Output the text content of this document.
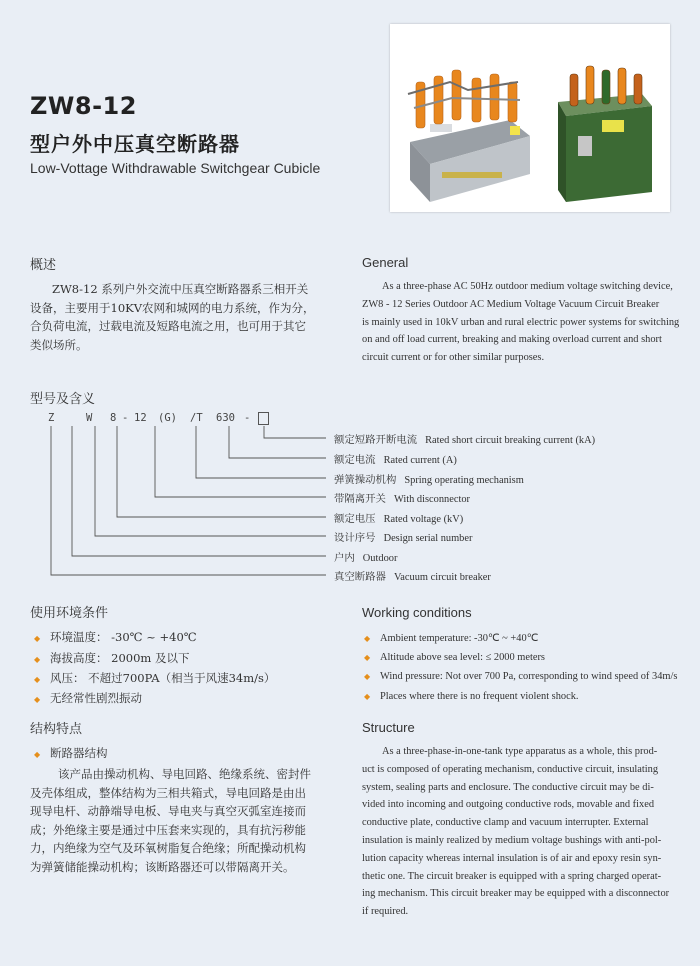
ZW8-12
型户外中压真空断路器
Low-Vottage Withdrawable Switchgear Cubicle
概述	General
ZW8-12 系列户外交流中压真空断路器系三相开关
设备，主要用于10KV农网和城网的电力系统，作为分，
合负荷电流，过载电流及短路电流之用，也可用于其它
类似场所。
As a three-phase AC 50Hz outdoor medium voltage switching device,
ZW8 - 12 Series Outdoor AC Medium Voltage Vacuum Circuit Breaker
is mainly used in 10kV urban and rural electric power systems for switching
on and off load current, breaking and making overload current and short
circuit current or for other similar purposes.
型号及含义
Z	W 8 - 12 (G) /T 630 -
额定短路开断电流 Rated short circuit breaking current (kA)
额定电流 Rated current (A)
弹簧操动机构 Spring operating mechanism
带隔离开关 With disconnector
额定电压 Rated voltage (kV)
设计序号 Design serial number
户内 Outdoor
真空断路器 Vacuum circuit breaker
使用环境条件	Working conditions
◆ 环境温度： -30℃ ~ +40℃
◆ 海拔高度： 2000m 及以下
◆ 风压： 不超过700PA（相当于风速34m/s）
◆ 无经常性剧烈振动
◆ Ambient temperature: -30℃ ~ +40℃
◆ Altitude above sea level: ≤ 2000 meters
◆ Wind pressure: Not over 700 Pa, corresponding to wind speed of 34m/s
◆ Places where there is no frequent violent shock.
结构特点	Structure
◆ 断路器结构
该产品由操动机构、导电回路、绝缘系统、密封件
及壳体组成，整体结构为三相共箱式，导电回路是由出
现导电杆、动静端导电板、导电夹与真空灭弧室连接而
成；外绝缘主要是通过中压套来实现的，具有抗污秽能
力，内绝缘为空气及环氧树脂复合绝缘；所配操动机构
为弹簧储能操动机构；该断路器还可以带隔离开关。
As a three-phase-in-one-tank type apparatus as a whole, this prod-
uct is composed of operating mechanism, conductive circuit, insulating
system, sealing parts and enclosure. The conductive circuit may be di-
vided into incoming and outgoing conductive rods, movable and fixed
conductive plate, conductive clamp and vacuum interrupter. External
insulation is mainly realized by medium voltage bushings with anti-pol-
lution capacity whereas internal insulation is of air and epoxy resin syn-
thetic one. The circuit breaker is equipped with a spring charged operat-
ing mechanism. This circuit breaker may be equipped with a disconnector
if required.
